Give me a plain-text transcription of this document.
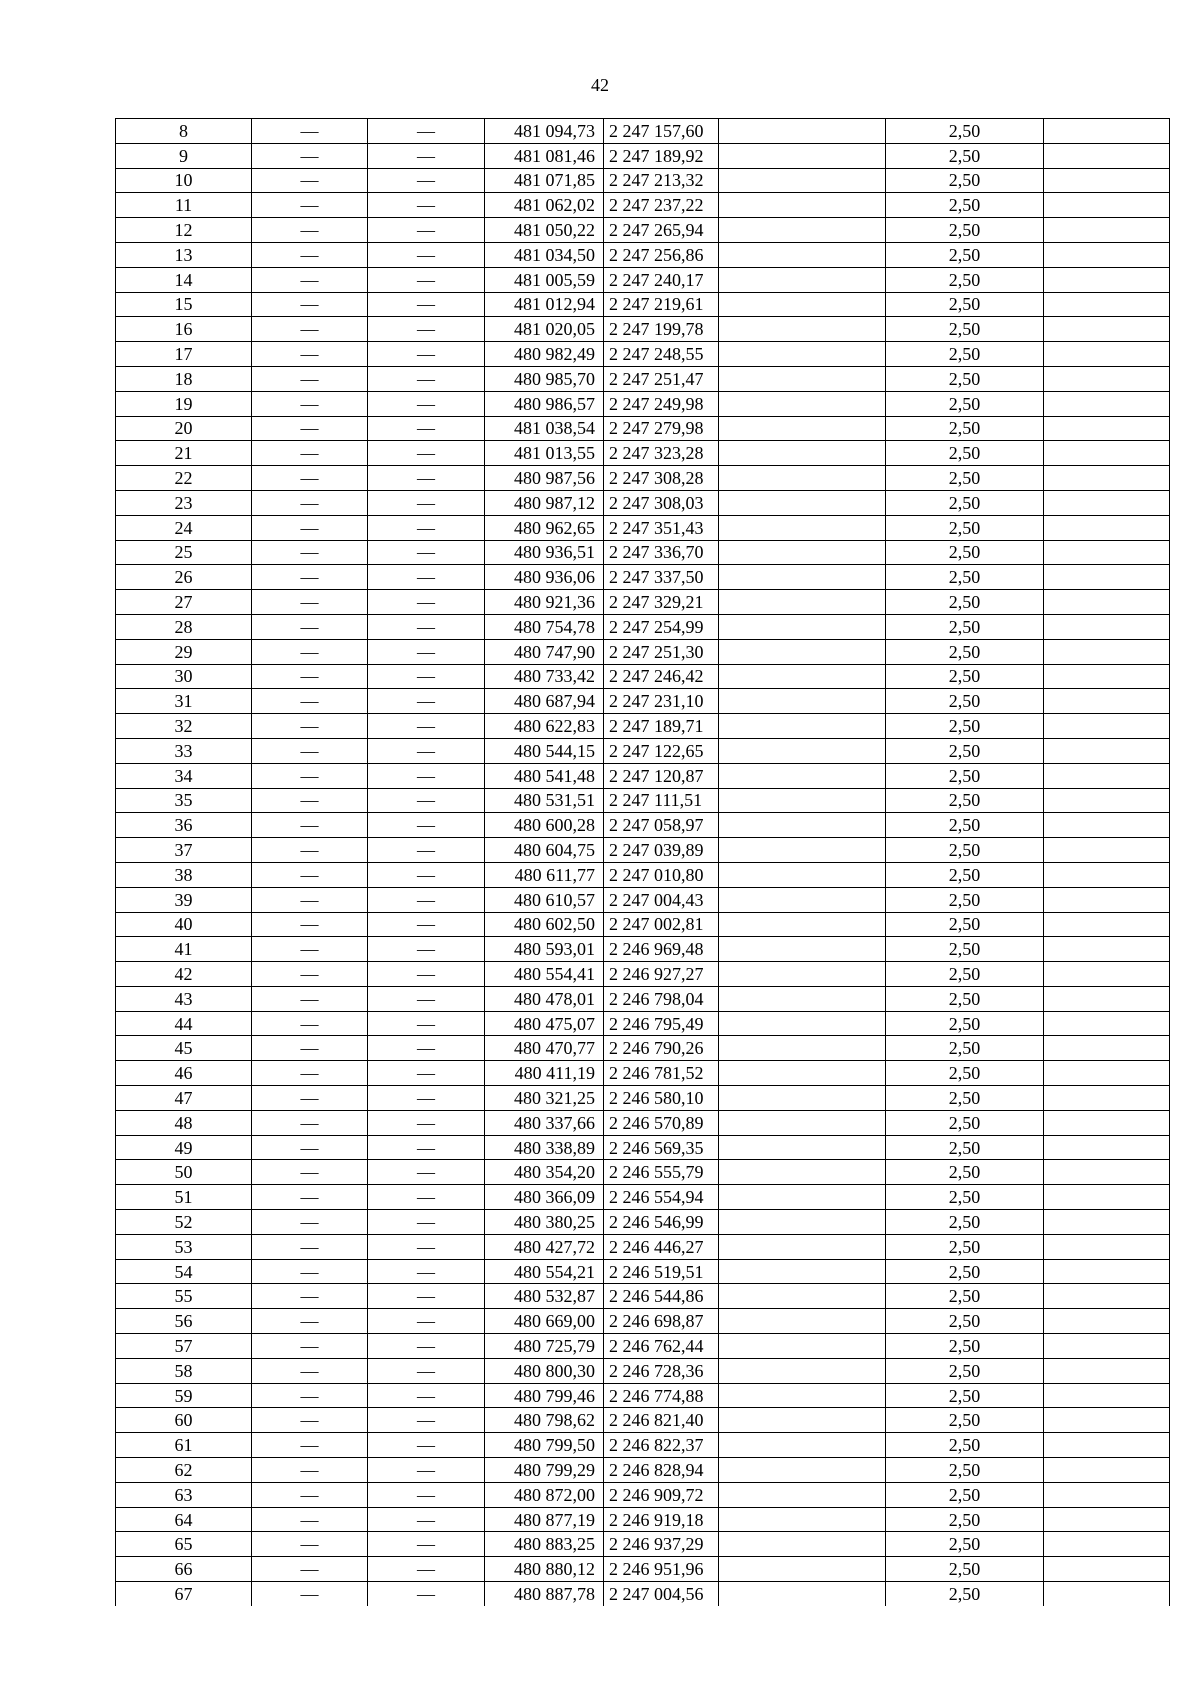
42
8	—	—	481 094,73	2 247 157,60		2,50	
9	—	—	481 081,46	2 247 189,92		2,50	
10	—	—	481 071,85	2 247 213,32		2,50	
11	—	—	481 062,02	2 247 237,22		2,50	
12	—	—	481 050,22	2 247 265,94		2,50	
13	—	—	481 034,50	2 247 256,86		2,50	
14	—	—	481 005,59	2 247 240,17		2,50	
15	—	—	481 012,94	2 247 219,61		2,50	
16	—	—	481 020,05	2 247 199,78		2,50	
17	—	—	480 982,49	2 247 248,55		2,50	
18	—	—	480 985,70	2 247 251,47		2,50	
19	—	—	480 986,57	2 247 249,98		2,50	
20	—	—	481 038,54	2 247 279,98		2,50	
21	—	—	481 013,55	2 247 323,28		2,50	
22	—	—	480 987,56	2 247 308,28		2,50	
23	—	—	480 987,12	2 247 308,03		2,50	
24	—	—	480 962,65	2 247 351,43		2,50	
25	—	—	480 936,51	2 247 336,70		2,50	
26	—	—	480 936,06	2 247 337,50		2,50	
27	—	—	480 921,36	2 247 329,21		2,50	
28	—	—	480 754,78	2 247 254,99		2,50	
29	—	—	480 747,90	2 247 251,30		2,50	
30	—	—	480 733,42	2 247 246,42		2,50	
31	—	—	480 687,94	2 247 231,10		2,50	
32	—	—	480 622,83	2 247 189,71		2,50	
33	—	—	480 544,15	2 247 122,65		2,50	
34	—	—	480 541,48	2 247 120,87		2,50	
35	—	—	480 531,51	2 247 111,51		2,50	
36	—	—	480 600,28	2 247 058,97		2,50	
37	—	—	480 604,75	2 247 039,89		2,50	
38	—	—	480 611,77	2 247 010,80		2,50	
39	—	—	480 610,57	2 247 004,43		2,50	
40	—	—	480 602,50	2 247 002,81		2,50	
41	—	—	480 593,01	2 246 969,48		2,50	
42	—	—	480 554,41	2 246 927,27		2,50	
43	—	—	480 478,01	2 246 798,04		2,50	
44	—	—	480 475,07	2 246 795,49		2,50	
45	—	—	480 470,77	2 246 790,26		2,50	
46	—	—	480 411,19	2 246 781,52		2,50	
47	—	—	480 321,25	2 246 580,10		2,50	
48	—	—	480 337,66	2 246 570,89		2,50	
49	—	—	480 338,89	2 246 569,35		2,50	
50	—	—	480 354,20	2 246 555,79		2,50	
51	—	—	480 366,09	2 246 554,94		2,50	
52	—	—	480 380,25	2 246 546,99		2,50	
53	—	—	480 427,72	2 246 446,27		2,50	
54	—	—	480 554,21	2 246 519,51		2,50	
55	—	—	480 532,87	2 246 544,86		2,50	
56	—	—	480 669,00	2 246 698,87		2,50	
57	—	—	480 725,79	2 246 762,44		2,50	
58	—	—	480 800,30	2 246 728,36		2,50	
59	—	—	480 799,46	2 246 774,88		2,50	
60	—	—	480 798,62	2 246 821,40		2,50	
61	—	—	480 799,50	2 246 822,37		2,50	
62	—	—	480 799,29	2 246 828,94		2,50	
63	—	—	480 872,00	2 246 909,72		2,50	
64	—	—	480 877,19	2 246 919,18		2,50	
65	—	—	480 883,25	2 246 937,29		2,50	
66	—	—	480 880,12	2 246 951,96		2,50	
67	—	—	480 887,78	2 247 004,56		2,50	
